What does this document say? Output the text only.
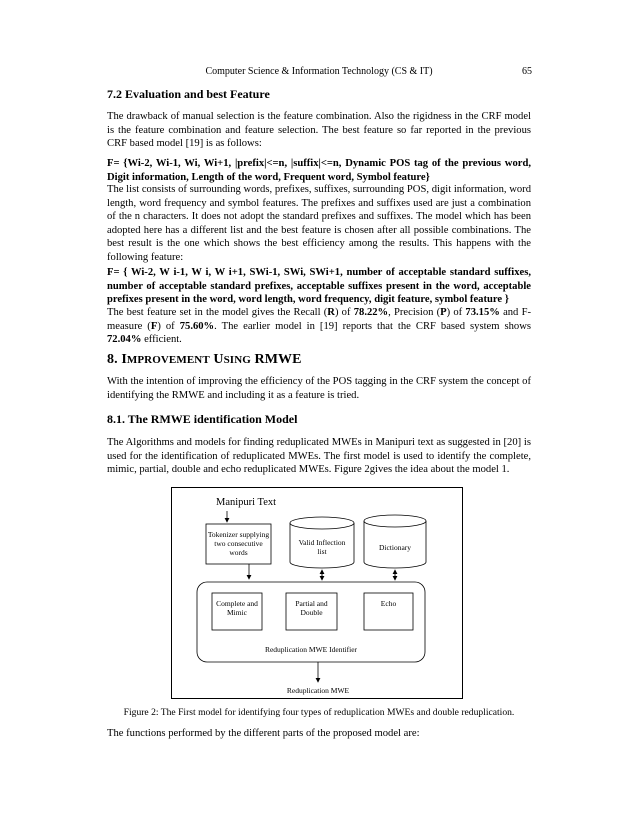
Computer Science & Information Technology (CS & IT)	65
7.2 Evaluation and best Feature

The drawback of manual selection is the feature combination. Also the rigidness in the CRF model is the feature combination and feature selection. The best feature so far reported in the previous CRF based model [19] is as follows:

F= {Wi-2, Wi-1, Wi, Wi+1, |prefix|<=n, |suffix|<=n, Dynamic POS tag of the previous word, Digit information, Length of the word, Frequent word, Symbol feature}

The list consists of surrounding words, prefixes, suffixes, surrounding POS, digit information, word length, word frequency and symbol features. The prefixes and suffixes used are just a combination of the n characters. It does not adopt the standard prefixes and suffixes. The model which has been adopted here has a different list and the best feature is chosen after all possible combinations. The best result is the one which shows the best efficiency among the results. This happens with the following feature:

F= { Wi-2, W i-1, W i, W i+1, SWi-1, SWi, SWi+1, number of acceptable standard suffixes, number of acceptable standard prefixes, acceptable suffixes present in the word, acceptable prefixes present in the word, word length, word frequency, digit feature, symbol feature }

The best feature set in the model gives the Recall (R) of 78.22%, Precision (P) of 73.15% and F-measure (F) of 75.60%. The earlier model in [19] reports that the CRF based system shows 72.04% efficient.

8. IMPROVEMENT USING RMWE

With the intention of improving the efficiency of the POS tagging in the CRF system the concept of identifying the RMWE and including it as a feature is tried.

8.1. The RMWE identification Model

The Algorithms and models for finding reduplicated MWEs in Manipuri text as suggested in [20] is used for the identification of reduplicated MWEs. The first model is used to identify the complete, mimic, partial, double and echo reduplicated MWEs. Figure 2gives the idea about the model 1.

Manipuri Text
Tokenizer supplying two consecutive words
Valid Inflection list	Dictionary
Complete and Mimic
Partial and Double
Echo
Reduplication MWE Identifier
Reduplication MWE
Figure 2: The First model for identifying four types of reduplication MWEs and double reduplication.

The functions performed by the different parts of the proposed model are:
